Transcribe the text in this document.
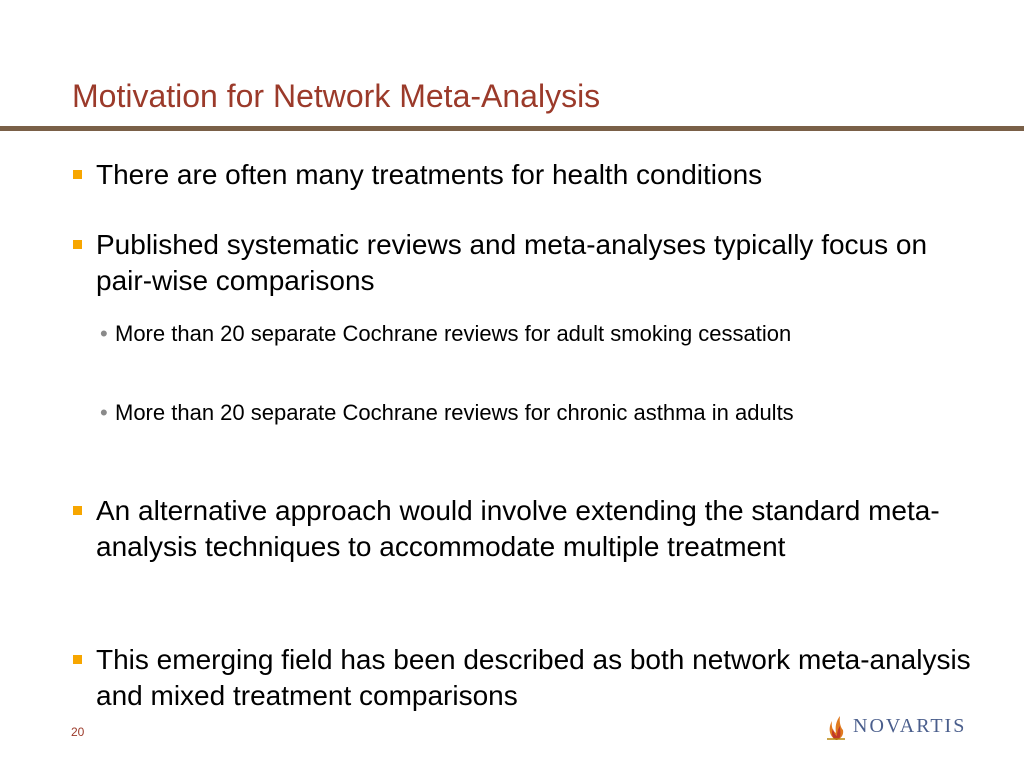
Motivation for Network Meta-Analysis
There are often many treatments for health conditions
Published systematic reviews and meta-analyses typically focus on pair-wise comparisons
• More than 20 separate Cochrane reviews for adult smoking cessation
• More than 20 separate Cochrane reviews for chronic asthma in adults
An alternative approach would involve extending the standard meta-analysis techniques to accommodate multiple treatment
This emerging field has been described as both network meta-analysis and mixed treatment comparisons
20	NOVARTIS
